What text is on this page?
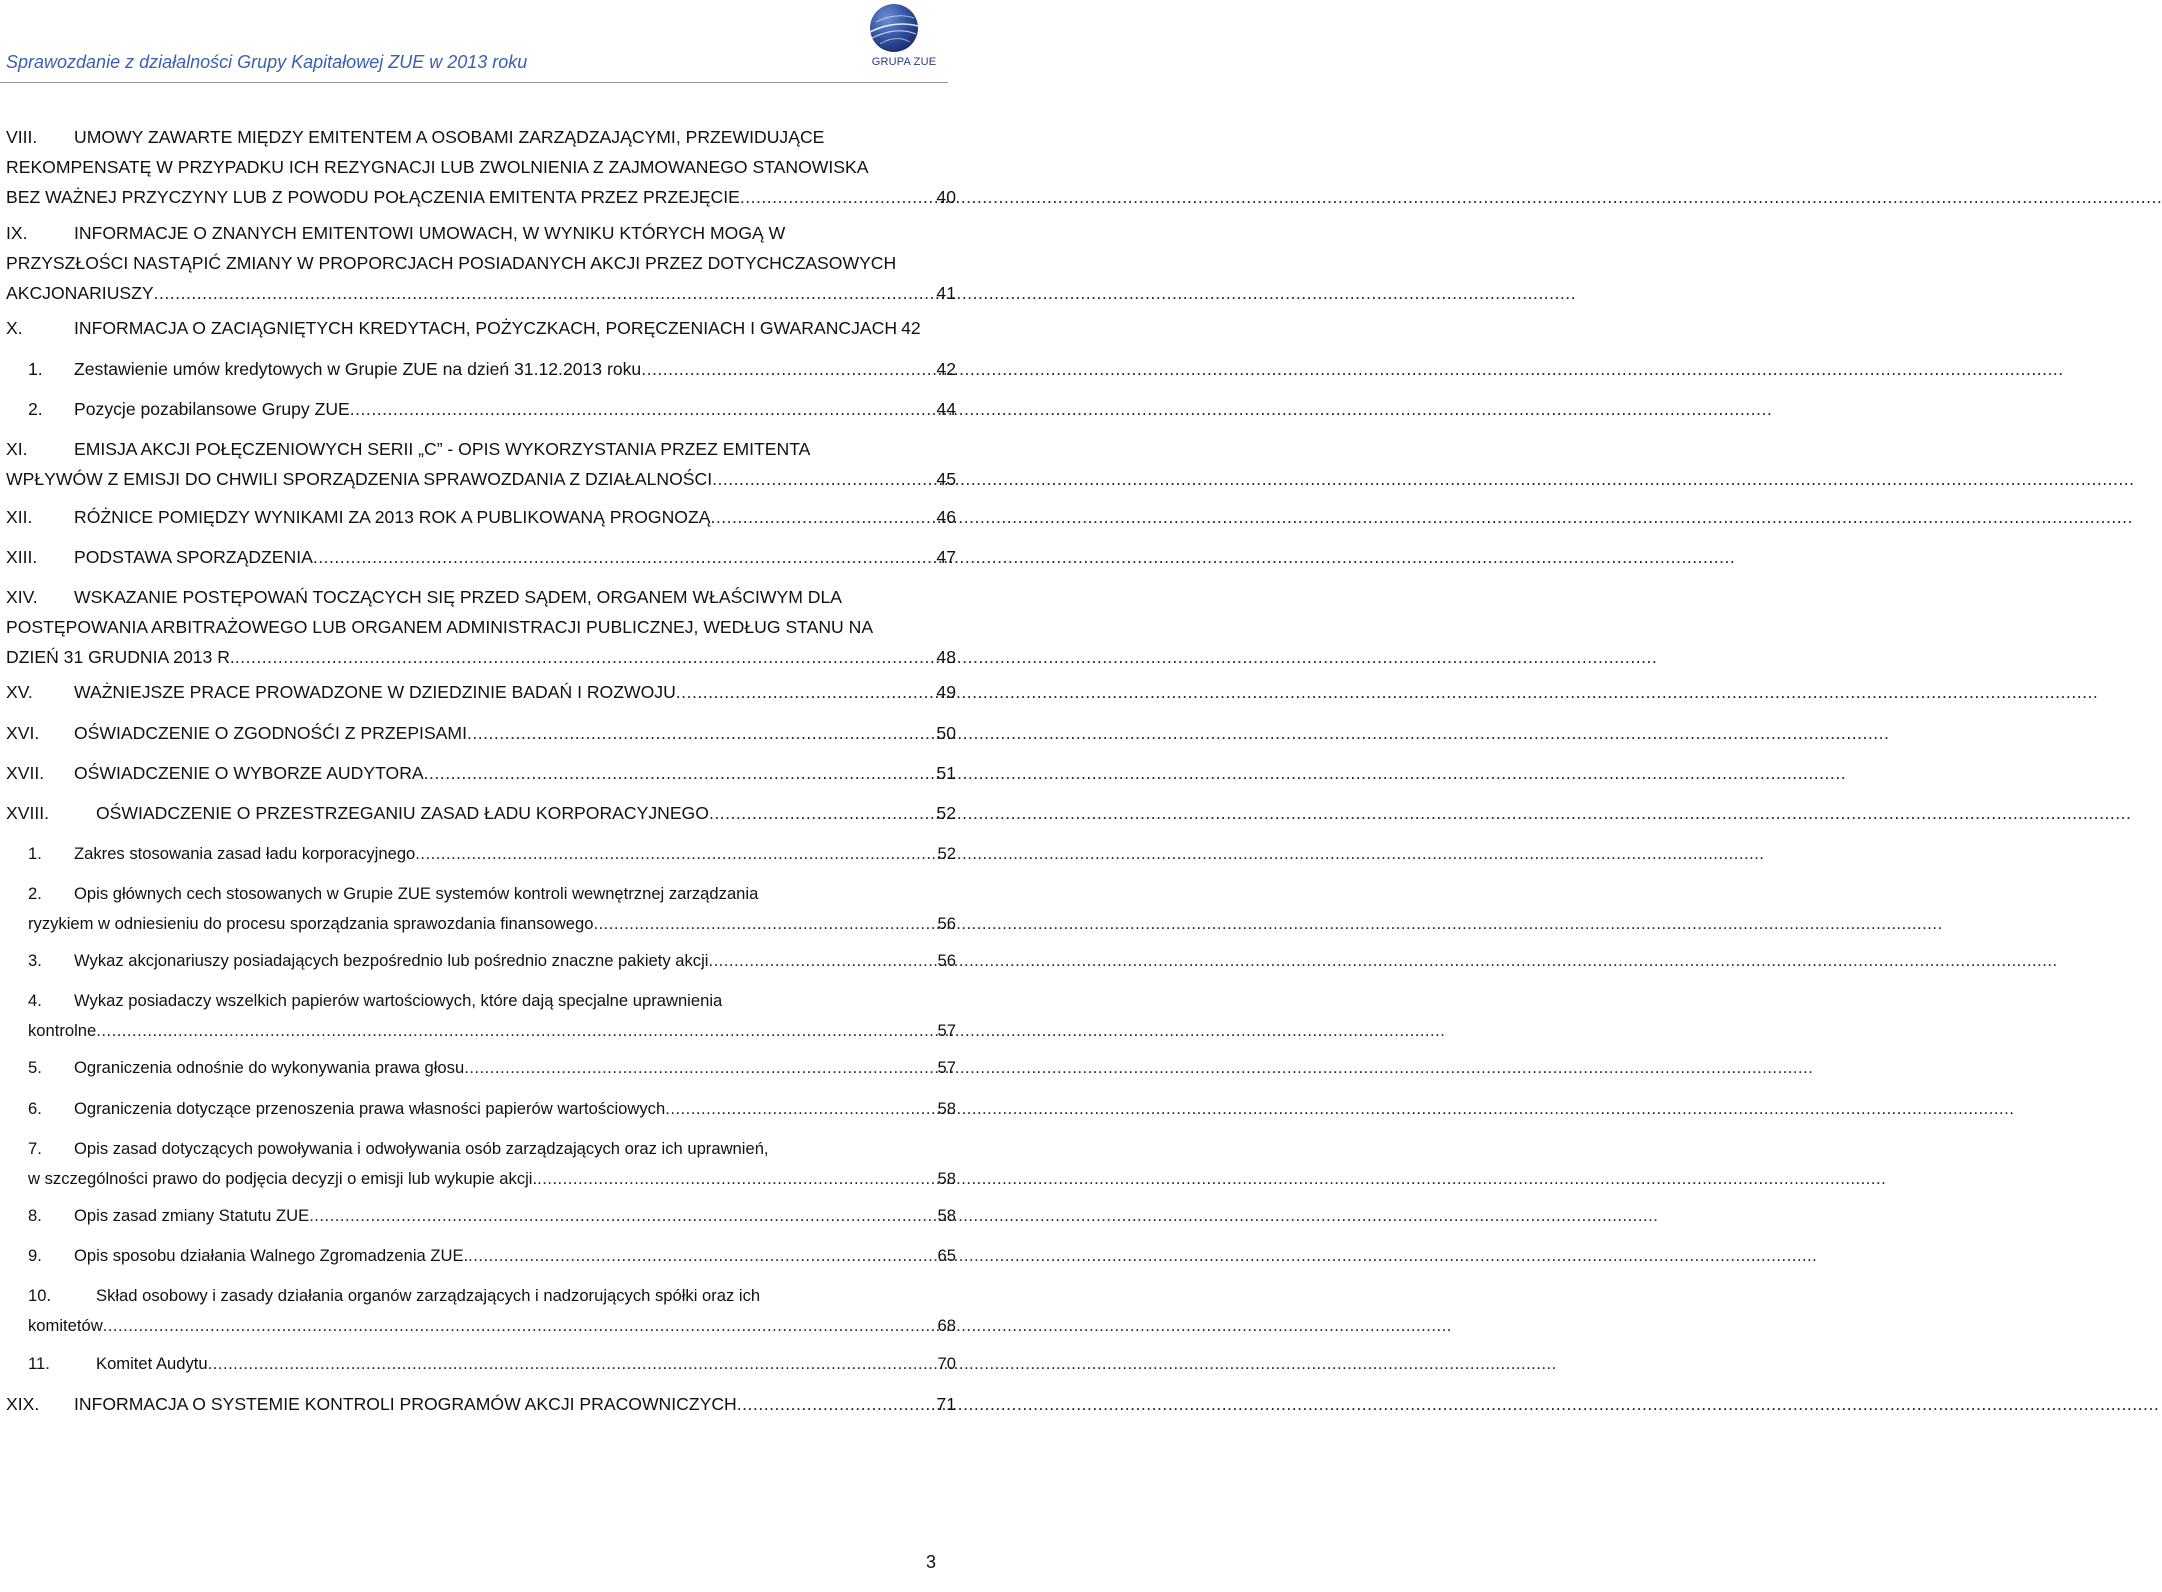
Sprawozdanie z działalności Grupy Kapitałowej ZUE w 2013 roku	GRUPA ZUE
VIII. UMOWY ZAWARTE MIĘDZY EMITENTEM A OSOBAMI ZARZĄDZAJĄCYMI, PRZEWIDUJĄCE
REKOMPENSATĘ W PRZYPADKU ICH REZYGNACJI LUB ZWOLNIENIA Z ZAJMOWANEGO STANOWISKA
BEZ WAŻNEJ PRZYCZYNY LUB Z POWODU POŁĄCZENIA EMITENTA PRZEZ PRZEJĘCIE .....	40
IX.	INFORMACJE O ZNANYCH EMITENTOWI UMOWACH, W WYNIKU KTÓRYCH MOGĄ W
PRZYSZŁOŚCI NASTĄPIĆ ZMIANY W PROPORCJACH POSIADANYCH AKCJI PRZEZ DOTYCHCZASOWYCH
AKCJONARIUSZY .....	41
X.	INFORMACJA O ZACIĄGNIĘTYCH KREDYTACH, POŻYCZKACH, PORĘCZENIACH I GWARANCJACH 42
1.	Zestawienie umów kredytowych w Grupie ZUE na dzień 31.12.2013 roku .....	42
2.	Pozycje pozabilansowe Grupy ZUE .....	44
XI.	EMISJA AKCJI POŁĘCZENIOWYCH SERII „C” - OPIS WYKORZYSTANIA PRZEZ EMITENTA
WPŁYWÓW Z EMISJI DO CHWILI SPORZĄDZENIA SPRAWOZDANIA Z DZIAŁALNOŚCI .....	45
XII.	RÓŻNICE POMIĘDZY WYNIKAMI ZA 2013 ROK A PUBLIKOWANĄ PROGNOZĄ .....	46
XIII.	PODSTAWA SPORZĄDZENIA .....	47
XIV. WSKAZANIE POSTĘPOWAŃ TOCZĄCYCH SIĘ PRZED SĄDEM, ORGANEM WŁAŚCIWYM DLA
POSTĘPOWANIA ARBITRAŻOWEGO LUB ORGANEM ADMINISTRACJI PUBLICZNEJ, WEDŁUG STANU NA
DZIEŃ 31 GRUDNIA 2013 R. .....	48
XV.	WAŻNIEJSZE PRACE PROWADZONE W DZIEDZINIE BADAŃ I ROZWOJU .....	49
XVI.	OŚWIADCZENIE O ZGODNOŚĆI Z PRZEPISAMI .....	50
XVII.	OŚWIADCZENIE O WYBORZE AUDYTORA .....	51
XVIII.	OŚWIADCZENIE O PRZESTRZEGANIU ZASAD ŁADU KORPORACYJNEGO .....	52
1.	Zakres stosowania zasad ładu korporacyjnego .....	52
2. Opis głównych cech stosowanych w Grupie ZUE systemów kontroli wewnętrznej zarządzania
ryzykiem w odniesieniu do procesu sporządzania sprawozdania finansowego .....	56
3.	Wykaz akcjonariuszy posiadających bezpośrednio lub pośrednio znaczne pakiety akcji .....	56
4. Wykaz posiadaczy wszelkich papierów wartościowych, które dają specjalne uprawnienia
kontrolne .....	57
5.	Ograniczenia odnośnie do wykonywania prawa głosu .....	57
6.	Ograniczenia dotyczące przenoszenia prawa własności papierów wartościowych .....	58
7. Opis zasad dotyczących powoływania i odwoływania osób zarządzających oraz ich uprawnień,
w szczególności prawo do podjęcia decyzji o emisji lub wykupie akcji. .....	58
8.	Opis zasad zmiany Statutu ZUE .....	58
9.	Opis sposobu działania Walnego Zgromadzenia ZUE. .....	65
10.	Skład osobowy i zasady działania organów zarządzających i nadzorujących spółki oraz ich
komitetów .....	68
11.	Komitet Audytu .....	70
XIX.	INFORMACJA O SYSTEMIE KONTROLI PROGRAMÓW AKCJI PRACOWNICZYCH .....	71
3
